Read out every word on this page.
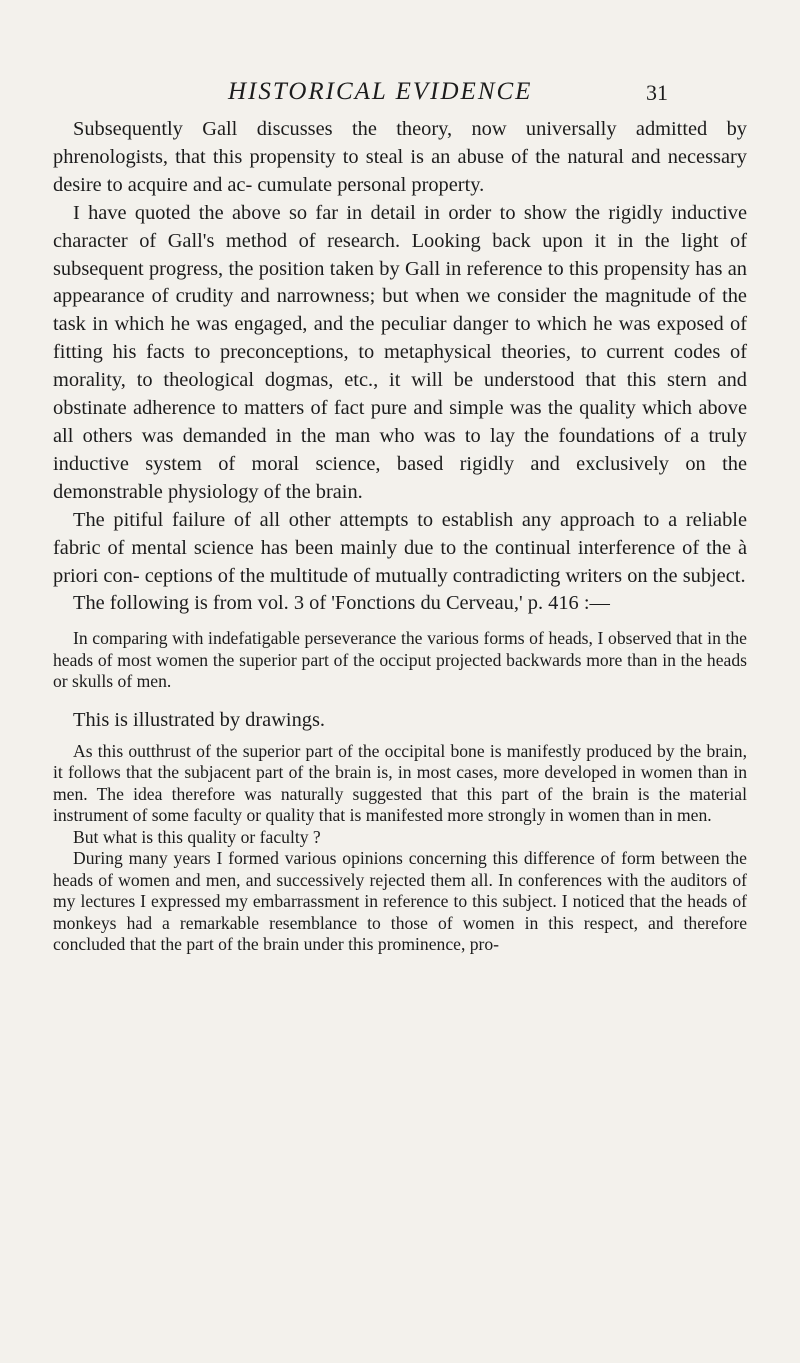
HISTORICAL EVIDENCE	31

Subsequently Gall discusses the theory, now universally admitted by phrenologists, that this propensity to steal is an abuse of the natural and necessary desire to acquire and ac- cumulate personal property.

I have quoted the above so far in detail in order to show the rigidly inductive character of Gall's method of research. Looking back upon it in the light of subsequent progress, the position taken by Gall in reference to this propensity has an appearance of crudity and narrowness; but when we consider the magnitude of the task in which he was engaged, and the peculiar danger to which he was exposed of fitting his facts to preconceptions, to metaphysical theories, to current codes of morality, to theological dogmas, etc., it will be understood that this stern and obstinate adherence to matters of fact pure and simple was the quality which above all others was demanded in the man who was to lay the foundations of a truly inductive system of moral science, based rigidly and exclusively on the demonstrable physiology of the brain.

The pitiful failure of all other attempts to establish any approach to a reliable fabric of mental science has been mainly due to the continual interference of the à priori con- ceptions of the multitude of mutually contradicting writers on the subject.

The following is from vol. 3 of 'Fonctions du Cerveau,' p. 416 :—

In comparing with indefatigable perseverance the various forms of heads, I observed that in the heads of most women the superior part of the occiput projected backwards more than in the heads or skulls of men.

This is illustrated by drawings.

As this outthrust of the superior part of the occipital bone is manifestly produced by the brain, it follows that the subjacent part of the brain is, in most cases, more developed in women than in men. The idea therefore was naturally suggested that this part of the brain is the material instrument of some faculty or quality that is manifested more strongly in women than in men.

But what is this quality or faculty ?

During many years I formed various opinions concerning this difference of form between the heads of women and men, and successively rejected them all. In conferences with the auditors of my lectures I expressed my embarrassment in reference to this subject. I noticed that the heads of monkeys had a remarkable resemblance to those of women in this respect, and therefore concluded that the part of the brain under this prominence, pro-
